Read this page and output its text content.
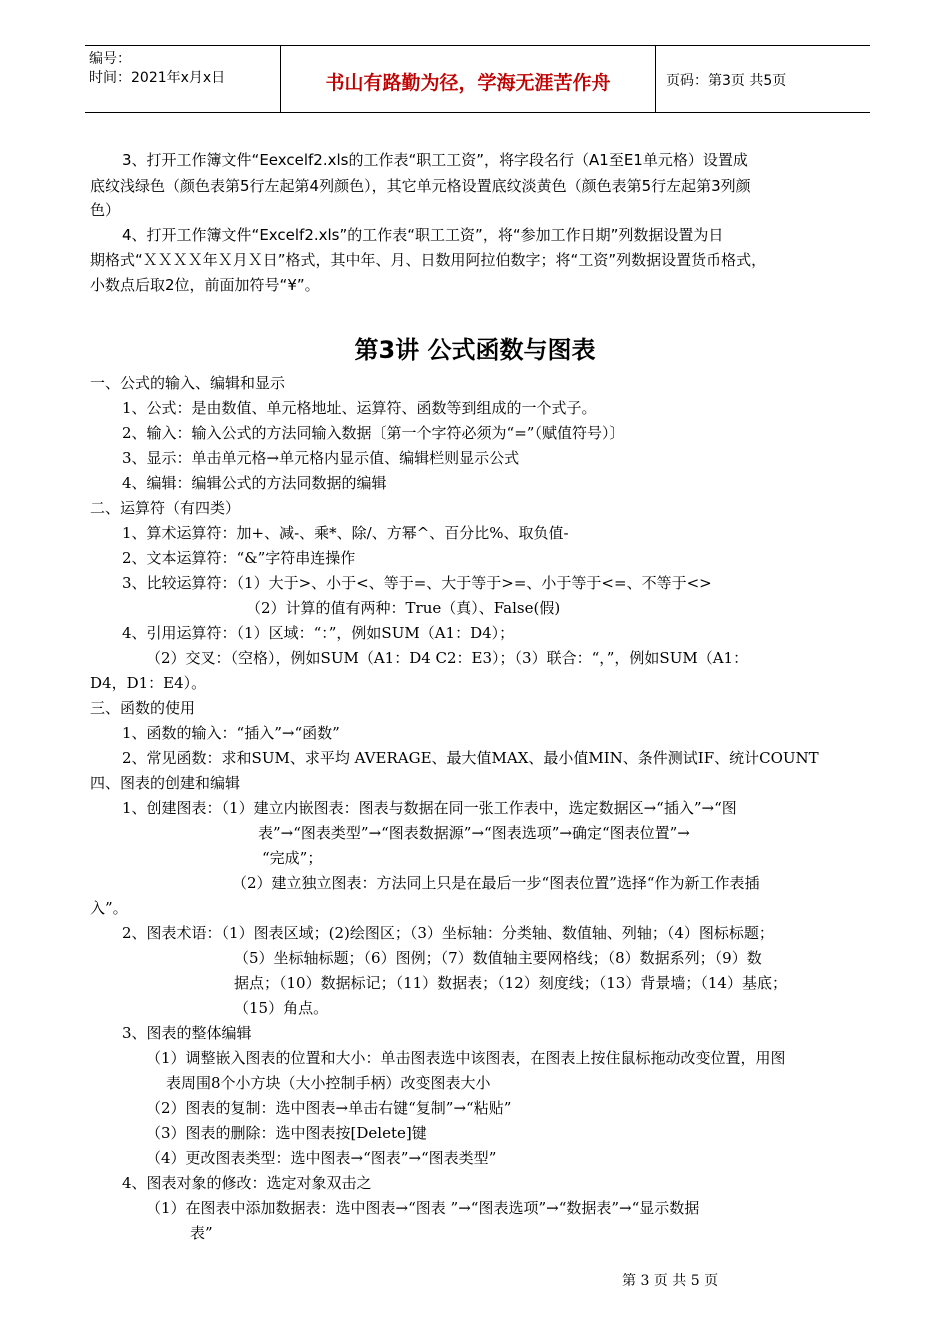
编号：
时间：2021年x月x日	书山有路勤为径，学海无涯苦作舟	页码：第3页 共5页
3、打开工作簿文件“Eexcelf2.xls的工作表“职工工资”，将字段名行（A1至E1单元格）设置成
底纹浅绿色（颜色表第5行左起第4列颜色），其它单元格设置底纹淡黄色（颜色表第5行左起第3列颜
色）
4、打开工作簿文件“Excelf2.xls”的工作表“职工工资”，将“参加工作日期”列数据设置为日
期格式“ＸＸＸＸ年Ｘ月Ｘ日”格式，其中年、月、日数用阿拉伯数字；将“工资”列数据设置货币格式，
小数点后取2位，前面加符号“¥”。
第3讲 公式函数与图表
一、公式的输入、编辑和显示
1、公式：是由数值、单元格地址、运算符、函数等到组成的一个式子。
2、输入：输入公式的方法同输入数据〔第一个字符必须为“=”（赋值符号）〕
3、显示：单击单元格→单元格内显示值、编辑栏则显示公式
4、编辑：编辑公式的方法同数据的编辑
二、运算符（有四类）
1、算术运算符：加+、减-、乘*、除/、方幂^、百分比%、取负值-
2、文本运算符：“&”字符串连操作
3、比较运算符：（1）大于>、小于<、等于=、大于等于>=、小于等于<=、不等于<>
（2）计算的值有两种：True（真）、False(假)
4、引用运算符：（1）区域：“：”，例如SUM（A1：D4）；
（2）交叉：（空格），例如SUM（A1：D4 C2：E3）；（3）联合：“，”，例如SUM（A1：
D4，D1：E4）。
三、函数的使用
1、函数的输入：“插入”→“函数”
2、常见函数：求和SUM、求平均 AVERAGE、最大值MAX、最小值MIN、条件测试IF、统计COUNT
四、图表的创建和编辑
1、创建图表：（1）建立内嵌图表：图表与数据在同一张工作表中，选定数据区→“插入”→“图
表”→“图表类型”→“图表数据源”→“图表选项”→确定“图表位置”→
“完成”；
（2）建立独立图表：方法同上只是在最后一步“图表位置”选择“作为新工作表插
入”。
2、图表术语：（1）图表区域；(2)绘图区；（3）坐标轴：分类轴、数值轴、列轴；（4）图标标题；
（5）坐标轴标题；（6）图例；（7）数值轴主要网格线；（8）数据系列；（9）数
据点；（10）数据标记；（11）数据表；（12）刻度线；（13）背景墙；（14）基底；
（15）角点。
3、图表的整体编辑
（1）调整嵌入图表的位置和大小：单击图表选中该图表，在图表上按住鼠标拖动改变位置，用图
表周围8个小方块（大小控制手柄）改变图表大小
（2）图表的复制：选中图表→单击右键“复制”→“粘贴”
（3）图表的删除：选中图表按[Delete]键
（4）更改图表类型：选中图表→“图表”→“图表类型”
4、图表对象的修改：选定对象双击之
（1）在图表中添加数据表：选中图表→“图表 ”→“图表选项”→“数据表”→“显示数据
表”
第 3 页 共 5 页
